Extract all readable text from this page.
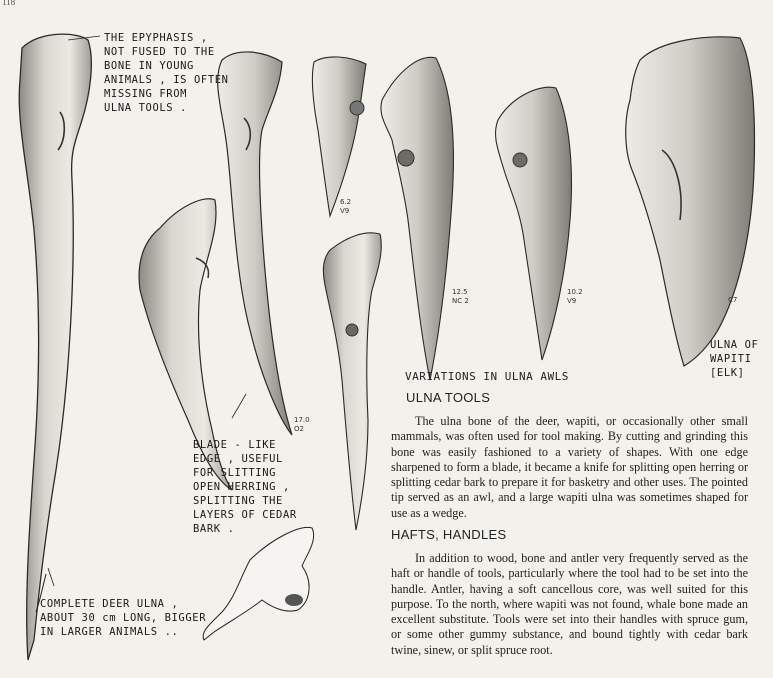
118
THE EPYPHASIS ,
NOT FUSED TO THE
BONE IN YOUNG
ANIMALS , IS OFTEN
MISSING FROM
ULNA TOOLS .
BLADE - LIKE
EDGE , USEFUL
FOR SLITTING
OPEN HERRING ,
SPLITTING THE
LAYERS OF CEDAR
BARK .
COMPLETE DEER ULNA ,
ABOUT 30 cm LONG, BIGGER
IN LARGER ANIMALS ..
ULNA OF
WAPITI
[ELK]
VARIATIONS IN ULNA AWLS
6.2
V9
12.5
NC 2
10.2
V9
17.0
O2
C7
ULNA TOOLS
The ulna bone of the deer, wapiti, or occasionally other small mammals, was often used for tool making. By cutting and grinding this bone was easily fashioned to a variety of shapes. With one edge sharpened to form a blade, it became a knife for splitting open herring or splitting cedar bark to prepare it for basketry and other uses. The pointed tip served as an awl, and a large wapiti ulna was sometimes shaped for use as a wedge.
HAFTS, HANDLES
In addition to wood, bone and antler very frequently served as the haft or handle of tools, particularly where the tool had to be set into the handle. Antler, having a soft cancellous core, was well suited for this purpose. To the north, where wapiti was not found, whale bone made an excellent substitute. Tools were set into their handles with spruce gum, or some other gummy substance, and bound tightly with cedar bark twine, sinew, or split spruce root.
